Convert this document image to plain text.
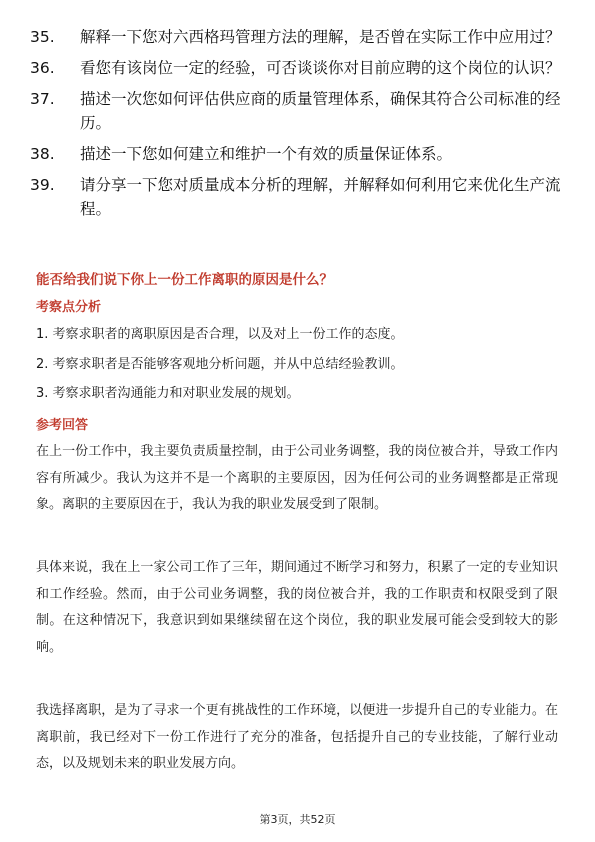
35.	解释一下您对六西格玛管理方法的理解，是否曾在实际工作中应用过？
36.	看您有该岗位一定的经验，可否谈谈你对目前应聘的这个岗位的认识？
37.	描述一次您如何评估供应商的质量管理体系，确保其符合公司标准的经历。
38.	描述一下您如何建立和维护一个有效的质量保证体系。
39.	请分享一下您对质量成本分析的理解，并解释如何利用它来优化生产流程。
能否给我们说下你上一份工作离职的原因是什么？
考察点分析
1. 考察求职者的离职原因是否合理，以及对上一份工作的态度。
2. 考察求职者是否能够客观地分析问题，并从中总结经验教训。
3. 考察求职者沟通能力和对职业发展的规划。
参考回答

在上一份工作中，我主要负责质量控制，由于公司业务调整，我的岗位被合并，导致工作内容有所减少。我认为这并不是一个离职的主要原因，因为任何公司的业务调整都是正常现象。离职的主要原因在于，我认为我的职业发展受到了限制。

具体来说，我在上一家公司工作了三年，期间通过不断学习和努力，积累了一定的专业知识和工作经验。然而，由于公司业务调整，我的岗位被合并，我的工作职责和权限受到了限制。在这种情况下，我意识到如果继续留在这个岗位，我的职业发展可能会受到较大的影响。

我选择离职，是为了寻求一个更有挑战性的工作环境，以便进一步提升自己的专业能力。在离职前，我已经对下一份工作进行了充分的准备，包括提升自己的专业技能，了解行业动态，以及规划未来的职业发展方向。

第3页，共52页
